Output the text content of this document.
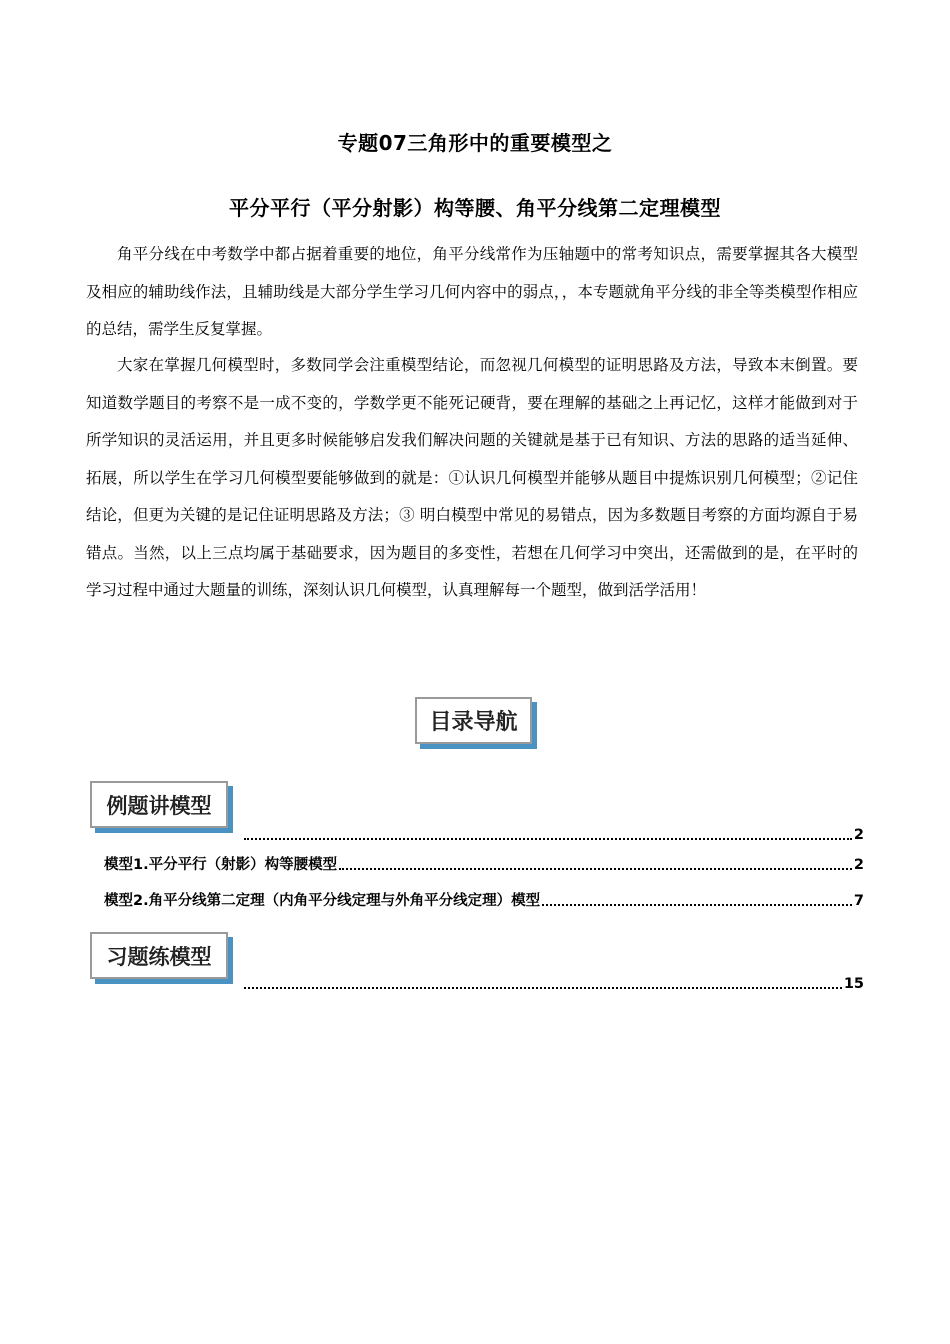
专题07三角形中的重要模型之
平分平行（平分射影）构等腰、角平分线第二定理模型

角平分线在中考数学中都占据着重要的地位，角平分线常作为压轴题中的常考知识点，需要掌握其各大模型及相应的辅助线作法，且辅助线是大部分学生学习几何内容中的弱点，，本专题就角平分线的非全等类模型作相应的总结，需学生反复掌握。

大家在掌握几何模型时，多数同学会注重模型结论，而忽视几何模型的证明思路及方法，导致本末倒置。要知道数学题目的考察不是一成不变的，学数学更不能死记硬背，要在理解的基础之上再记忆，这样才能做到对于所学知识的灵活运用，并且更多时候能够启发我们解决问题的关键就是基于已有知识、方法的思路的适当延伸、拓展，所以学生在学习几何模型要能够做到的就是：①认识几何模型并能够从题目中提炼识别几何模型；②记住结论，但更为关键的是记住证明思路及方法；③ 明白模型中常见的易错点，因为多数题目考察的方面均源自于易错点。当然，以上三点均属于基础要求，因为题目的多变性，若想在几何学习中突出，还需做到的是，在平时的学习过程中通过大题量的训练，深刻认识几何模型，认真理解每一个题型，做到活学活用！

目录导航
例题讲模型
2
模型1.平分平行（射影）构等腰模型	2
模型2.角平分线第二定理（内角平分线定理与外角平分线定理）模型	7
习题练模型
15
